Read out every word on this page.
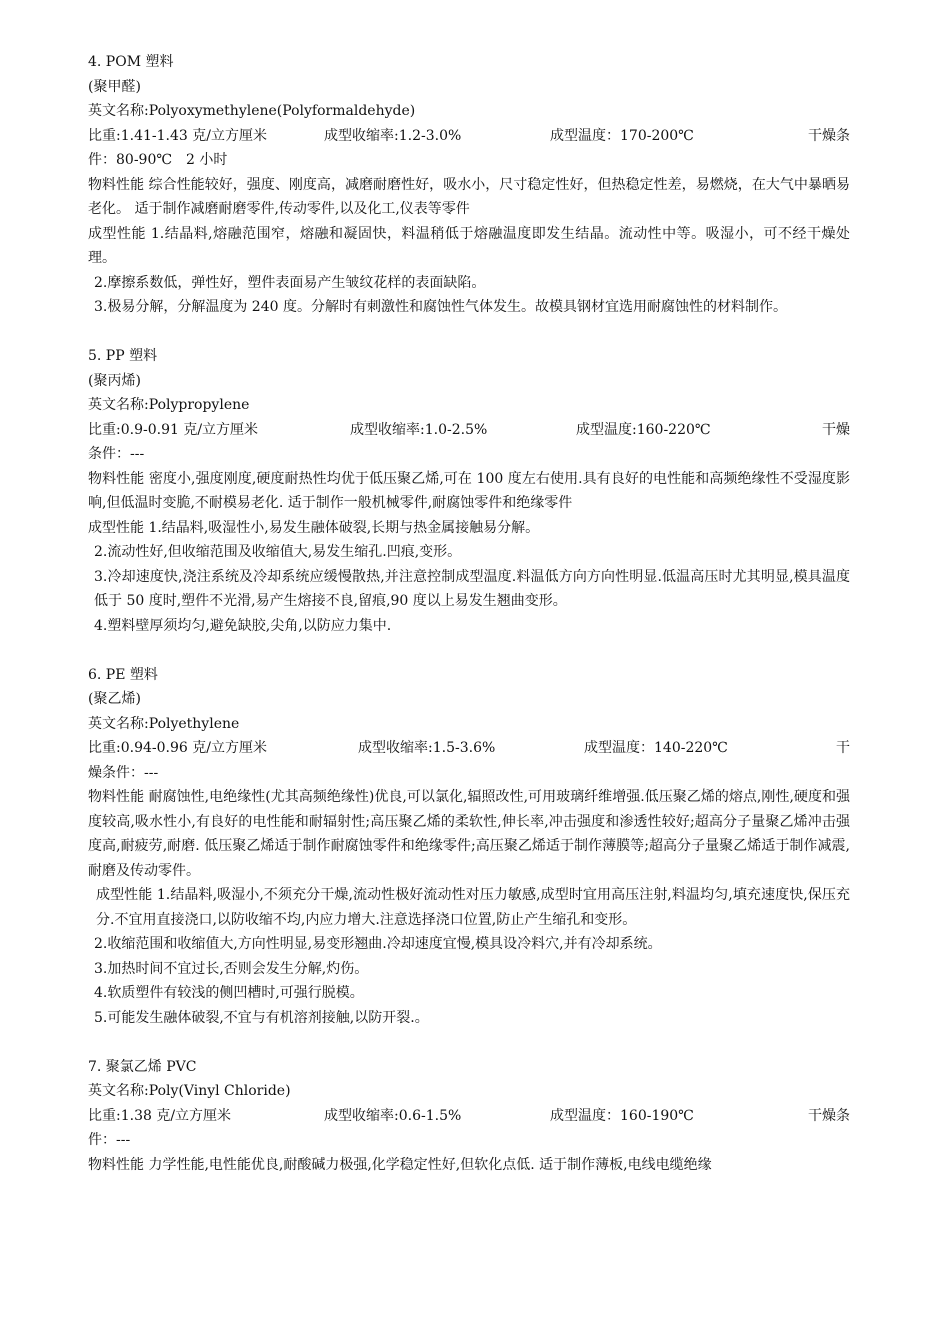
4. POM 塑料
(聚甲醛)
英文名称:Polyoxymethylene(Polyformaldehyde)
比重:1.41-1.43 克/立方厘米	成型收缩率:1.2-3.0%	成型温度：170-200℃	干燥条
件：80-90℃　2 小时
物料性能 综合性能较好，强度、刚度高，减磨耐磨性好，吸水小，尺寸稳定性好，但热稳定性差，易燃烧，在大气中暴晒易老化。 适于制作减磨耐磨零件,传动零件,以及化工,仪表等零件
成型性能 1.结晶料,熔融范围窄，熔融和凝固快，料温稍低于熔融温度即发生结晶。流动性中等。吸湿小，可不经干燥处理。
2.摩擦系数低，弹性好，塑件表面易产生皱纹花样的表面缺陷。
3.极易分解，分解温度为 240 度。分解时有刺激性和腐蚀性气体发生。故模具钢材宜选用耐腐蚀性的材料制作。
5. PP 塑料
(聚丙烯)
英文名称:Polypropylene
比重:0.9-0.91 克/立方厘米	成型收缩率:1.0-2.5%	成型温度:160-220℃	干燥
条件：---
物料性能 密度小,强度刚度,硬度耐热性均优于低压聚乙烯,可在 100 度左右使用.具有良好的电性能和高频绝缘性不受湿度影响,但低温时变脆,不耐模易老化. 适于制作一般机械零件,耐腐蚀零件和绝缘零件
成型性能 1.结晶料,吸湿性小,易发生融体破裂,长期与热金属接触易分解。
2.流动性好,但收缩范围及收缩值大,易发生缩孔.凹痕,变形。
3.冷却速度快,浇注系统及冷却系统应缓慢散热,并注意控制成型温度.料温低方向方向性明显.低温高压时尤其明显,模具温度低于 50 度时,塑件不光滑,易产生熔接不良,留痕,90 度以上易发生翘曲变形。
4.塑料壁厚须均匀,避免缺胶,尖角,以防应力集中.
6. PE 塑料
(聚乙烯)
英文名称:Polyethylene
比重:0.94-0.96 克/立方厘米	成型收缩率:1.5-3.6%	成型温度：140-220℃	干
燥条件：---
物料性能 耐腐蚀性,电绝缘性(尤其高频绝缘性)优良,可以氯化,辐照改性,可用玻璃纤维增强.低压聚乙烯的熔点,刚性,硬度和强度较高,吸水性小,有良好的电性能和耐辐射性;高压聚乙烯的柔软性,伸长率,冲击强度和渗透性较好;超高分子量聚乙烯冲击强度高,耐疲劳,耐磨. 低压聚乙烯适于制作耐腐蚀零件和绝缘零件;高压聚乙烯适于制作薄膜等;超高分子量聚乙烯适于制作减震,耐磨及传动零件。
成型性能 1.结晶料,吸湿小,不须充分干燥,流动性极好流动性对压力敏感,成型时宜用高压注射,料温均匀,填充速度快,保压充分.不宜用直接浇口,以防收缩不均,内应力增大.注意选择浇口位置,防止产生缩孔和变形。
2.收缩范围和收缩值大,方向性明显,易变形翘曲.冷却速度宜慢,模具设冷料穴,并有冷却系统。
3.加热时间不宜过长,否则会发生分解,灼伤。
4.软质塑件有较浅的侧凹槽时,可强行脱模。
5.可能发生融体破裂,不宜与有机溶剂接触,以防开裂.。
7. 聚氯乙烯 PVC
英文名称:Poly(Vinyl Chloride)
比重:1.38 克/立方厘米	成型收缩率:0.6-1.5%	成型温度：160-190℃	干燥条
件：---
物料性能 力学性能,电性能优良,耐酸碱力极强,化学稳定性好,但软化点低. 适于制作薄板,电线电缆绝缘
